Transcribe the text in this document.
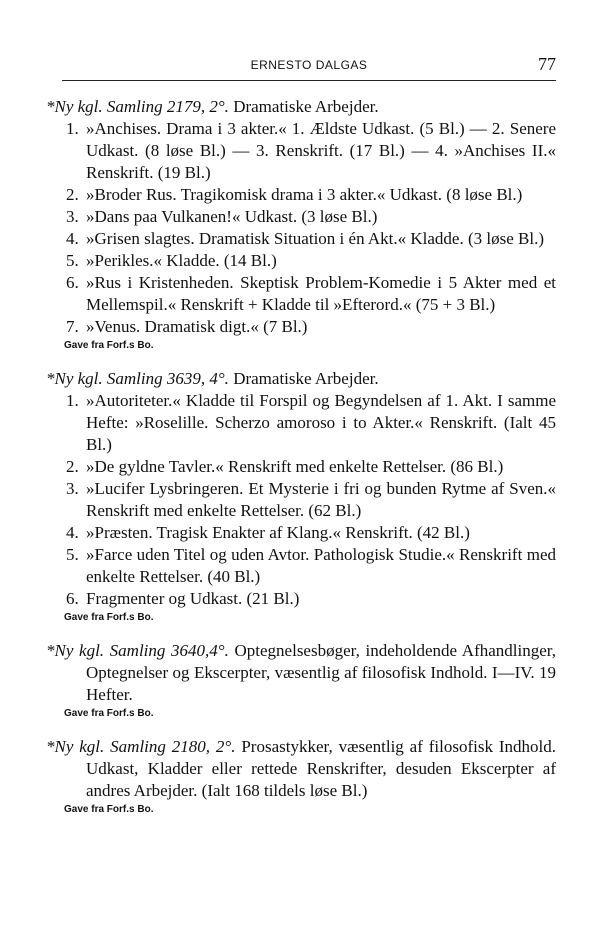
ERNESTO DALGAS	77
*Ny kgl. Samling 2179, 2°. Dramatiske Arbejder.
1. »Anchises. Drama i 3 akter.« 1. Ældste Udkast. (5 Bl.) — 2. Senere Udkast. (8 løse Bl.) — 3. Renskrift. (17 Bl.) — 4. »Anchises II.« Renskrift. (19 Bl.)
2. »Broder Rus. Tragikomisk drama i 3 akter.« Udkast. (8 løse Bl.)
3. »Dans paa Vulkanen!« Udkast. (3 løse Bl.)
4. »Grisen slagtes. Dramatisk Situation i én Akt.« Kladde. (3 løse Bl.)
5. »Perikles.« Kladde. (14 Bl.)
6. »Rus i Kristenheden. Skeptisk Problem-Komedie i 5 Akter med et Mellemspil.« Renskrift + Kladde til »Efterord.« (75 + 3 Bl.)
7. »Venus. Dramatisk digt.« (7 Bl.)
Gave fra Forf.s Bo.
*Ny kgl. Samling 3639, 4°. Dramatiske Arbejder.
1. »Autoriteter.« Kladde til Forspil og Begyndelsen af 1. Akt. I samme Hefte: »Roselille. Scherzo amoroso i to Akter.« Renskrift. (Ialt 45 Bl.)
2. »De gyldne Tavler.« Renskrift med enkelte Rettelser. (86 Bl.)
3. »Lucifer Lysbringeren. Et Mysterie i fri og bunden Rytme af Sven.« Renskrift med enkelte Rettelser. (62 Bl.)
4. »Præsten. Tragisk Enakter af Klang.« Renskrift. (42 Bl.)
5. »Farce uden Titel og uden Avtor. Pathologisk Studie.« Renskrift med enkelte Rettelser. (40 Bl.)
6. Fragmenter og Udkast. (21 Bl.)
Gave fra Forf.s Bo.
*Ny kgl. Samling 3640,4°. Optegnelsesbøger, indeholdende Afhandlinger, Optegnelser og Ekscerpter, væsentlig af filosofisk Indhold. I—IV. 19 Hefter.
Gave fra Forf.s Bo.
*Ny kgl. Samling 2180, 2°. Prosastykker, væsentlig af filosofisk Indhold. Udkast, Kladder eller rettede Renskrifter, desuden Ekscerpter af andres Arbejder. (Ialt 168 tildels løse Bl.)
Gave fra Forf.s Bo.
